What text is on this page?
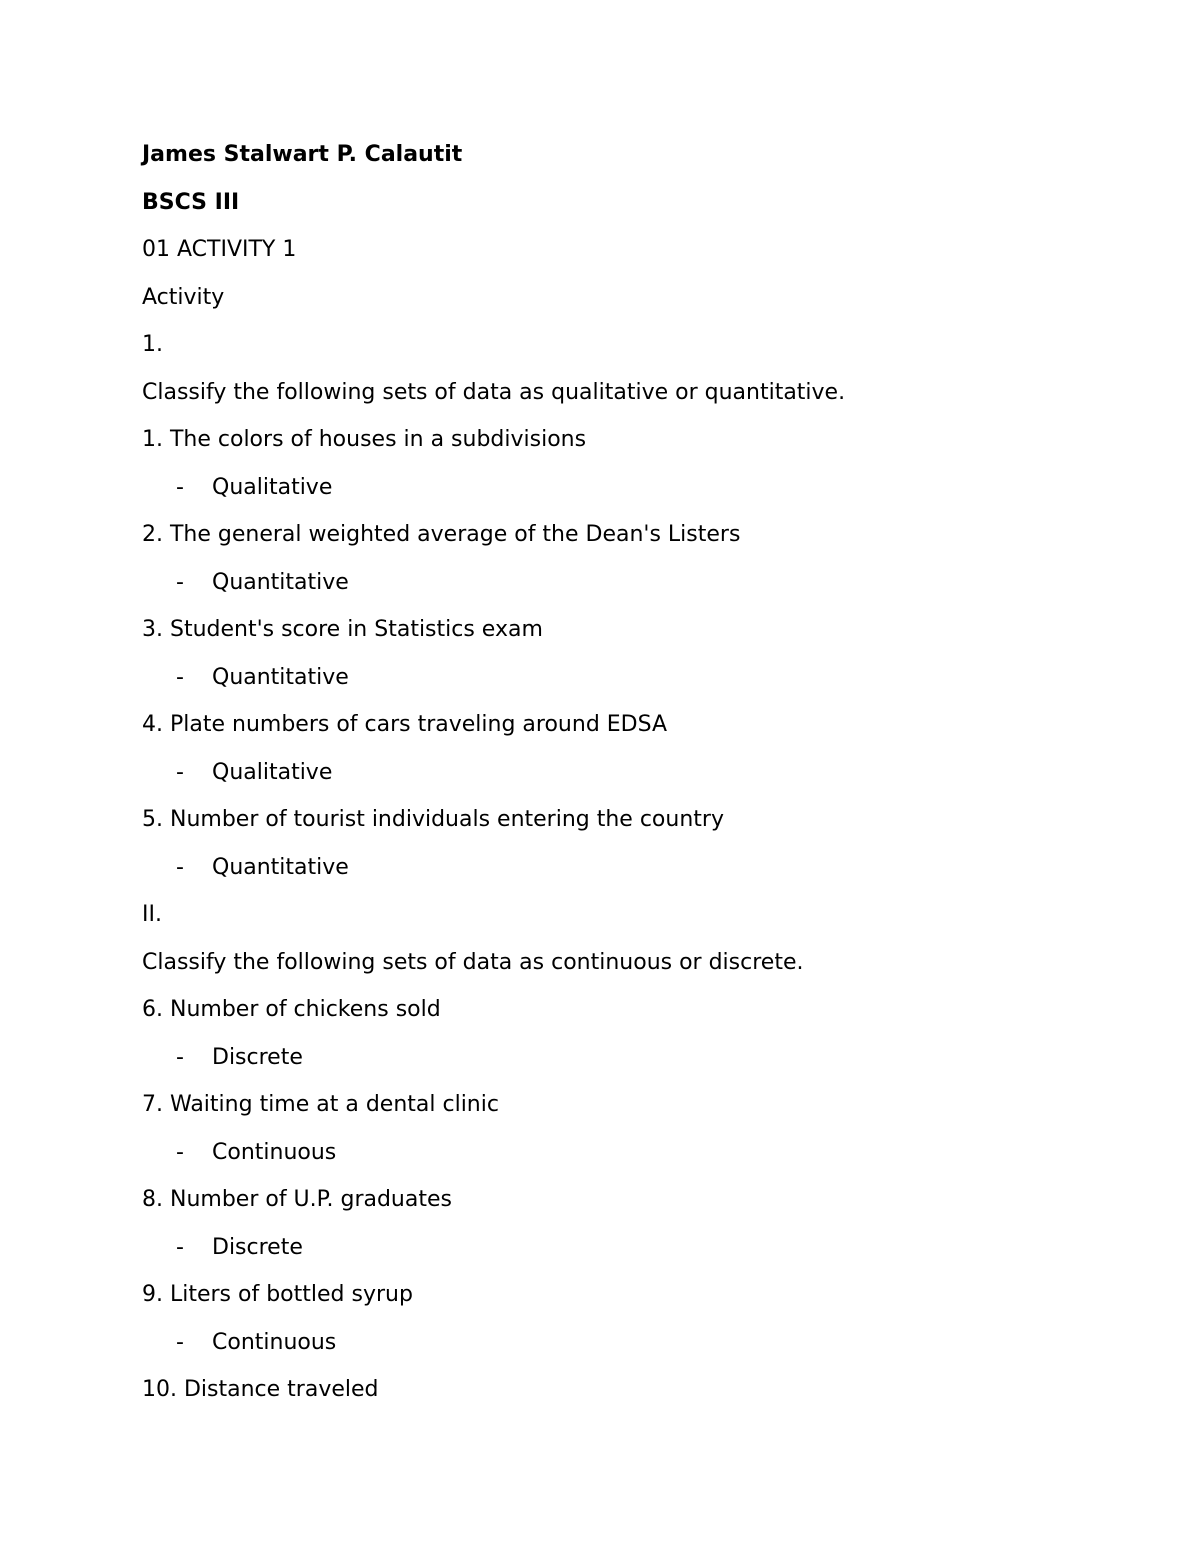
James Stalwart P. Calautit
BSCS III
01 ACTIVITY 1
Activity
1.
Classify the following sets of data as qualitative or quantitative.
1. The colors of houses in a subdivisions
- Qualitative
2. The general weighted average of the Dean's Listers
- Quantitative
3. Student's score in Statistics exam
- Quantitative
4. Plate numbers of cars traveling around EDSA
- Qualitative
5. Number of tourist individuals entering the country
- Quantitative
II.
Classify the following sets of data as continuous or discrete.
6. Number of chickens sold
- Discrete
7. Waiting time at a dental clinic
- Continuous
8. Number of U.P. graduates
- Discrete
9. Liters of bottled syrup
- Continuous
10. Distance traveled
